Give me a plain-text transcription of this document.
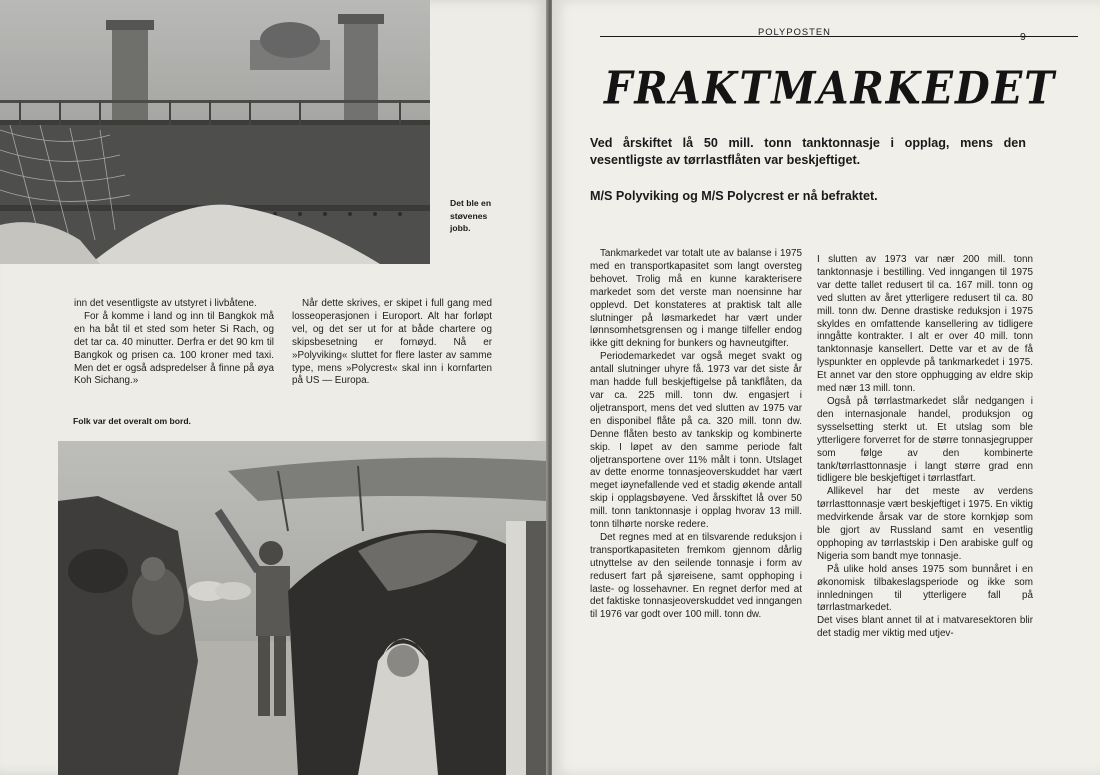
Det ble en støvenes jobb.

inn det vesentligste av utstyret i livbåtene.

For å komme i land og inn til Bangkok må en ha båt til et sted som heter Si Rach, og det tar ca. 40 minutter. Derfra er det 90 km til Bangkok og prisen ca. 100 kroner med taxi. Men det er også adspredelser å finne på øya Koh Sichang.»

Når dette skrives, er skipet i full gang med losseoperasjonen i Europort. Alt har forløpt vel, og det ser ut for at både chartere og skipsbesetning er fornøyd. Nå er »Polyviking« sluttet for flere laster av samme type, mens »Polycrest« skal inn i kornfarten på US — Europa.

Folk var det overalt om bord.
POLYPOSTEN	9
FRAKTMARKEDET
Ved årskiftet lå 50 mill. tonn tanktonnasje i opplag, mens den vesentligste av tørrlastflåten var beskjeftiget.
M/S Polyviking og M/S Polycrest er nå befraktet.

Tankmarkedet var totalt ute av balanse i 1975 med en transportkapasitet som langt oversteg behovet. Trolig må en kunne karakterisere markedet som det verste man noensinne har opplevd. Det konstateres at praktisk talt alle slutninger på løsmarkedet har vært under lønnsomhetsgrensen og i mange tilfeller endog ikke gitt dekning for bunkers og havneutgifter.

Periodemarkedet var også meget svakt og antall slutninger uhyre få. 1973 var det siste år man hadde full beskjeftigelse på tankflåten, da var ca. 225 mill. tonn dw. engasjert i oljetransport, mens det ved slutten av 1975 var en disponibel flåte på ca. 320 mill. tonn dw. Denne flåten besto av tankskip og kombinerte skip. I løpet av den samme periode falt oljetransportene over 11% målt i tonn. Utslaget av dette enorme tonnasjeoverskuddet har vært meget iøynefallende ved et stadig økende antall skip i opplagsbøyene. Ved årsskiftet lå over 50 mill. tonn tanktonnasje i opplag hvorav 13 mill. tonn tilhørte norske redere.

Det regnes med at en tilsvarende reduksjon i transportkapasiteten fremkom gjennom dårlig utnyttelse av den seilende tonnasje i form av redusert fart på sjøreisene, samt opphoping i laste- og lossehavner. En regnet derfor med at det faktiske tonnasjeoverskuddet ved inngangen til 1976 var godt over 100 mill. tonn dw.

I slutten av 1973 var nær 200 mill. tonn tanktonnasje i bestilling. Ved inngangen til 1975 var dette tallet redusert til ca. 167 mill. tonn og ved slutten av året ytterligere redusert til ca. 80 mill. tonn dw. Denne drastiske reduksjon i 1975 skyldes en omfattende kansellering av tidligere inngåtte kontrakter. I alt er over 40 mill. tonn tanktonnasje kansellert. Dette var et av de få lyspunkter en opplevde på tankmarkedet i 1975. Et annet var den store opphugging av eldre skip med nær 13 mill. tonn.

Også på tørrlastmarkedet slår nedgangen i den internasjonale handel, produksjon og sysselsetting sterkt ut. Et utslag som ble ytterligere forverret for de større tonnasjegrupper som følge av den kombinerte tank/tørrlasttonnasje i langt større grad enn tidligere ble beskjeftiget i tørrlastfart.

Allikevel har det meste av verdens tørrlasttonnasje vært beskjeftiget i 1975. En viktig medvirkende årsak var de store kornkjøp som ble gjort av Russland samt en vesentlig opphoping av tørrlastskip i Den arabiske gulf og Nigeria som bandt mye tonnasje.

På ulike hold anses 1975 som bunnåret i en økonomisk tilbakeslagsperiode og ikke som innledningen til ytterligere fall på tørrlastmarkedet.

Det vises blant annet til at i matvaresektoren blir det stadig mer viktig med utjev-
